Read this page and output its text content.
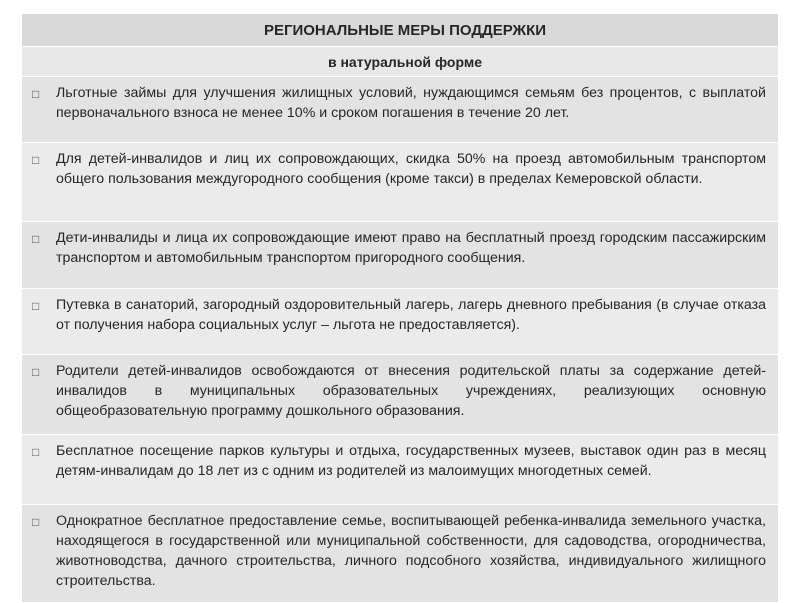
РЕГИОНАЛЬНЫЕ МЕРЫ ПОДДЕРЖКИ
в натуральной форме
□ Льготные займы для улучшения жилищных условий, нуждающимся семьям без процентов, с выплатой первоначального взноса не менее 10% и сроком погашения в течение 20 лет.
□ Для детей-инвалидов и лиц их сопровождающих, скидка 50% на проезд автомобильным транспортом общего пользования междугородного сообщения (кроме такси) в пределах Кемеровской области.
□ Дети-инвалиды и лица их сопровождающие имеют право на бесплатный проезд городским пассажирским транспортом и автомобильным транспортом пригородного сообщения.
□ Путевка в санаторий, загородный оздоровительный лагерь, лагерь дневного пребывания (в случае отказа от получения набора социальных услуг – льгота не предоставляется).
□ Родители детей-инвалидов освобождаются от внесения родительской платы за содержание детей-инвалидов в муниципальных образовательных учреждениях, реализующих основную общеобразовательную программу дошкольного образования.
□ Бесплатное посещение парков культуры и отдыха, государственных музеев, выставок один раз в месяц детям-инвалидам до 18 лет из с одним из родителей из малоимущих многодетных семей.
□ Однократное бесплатное предоставление семье, воспитывающей ребенка-инвалида земельного участка, находящегося в государственной или муниципальной собственности, для садоводства, огородничества, животноводства, дачного строительства, личного подсобного хозяйства, индивидуального жилищного строительства.
